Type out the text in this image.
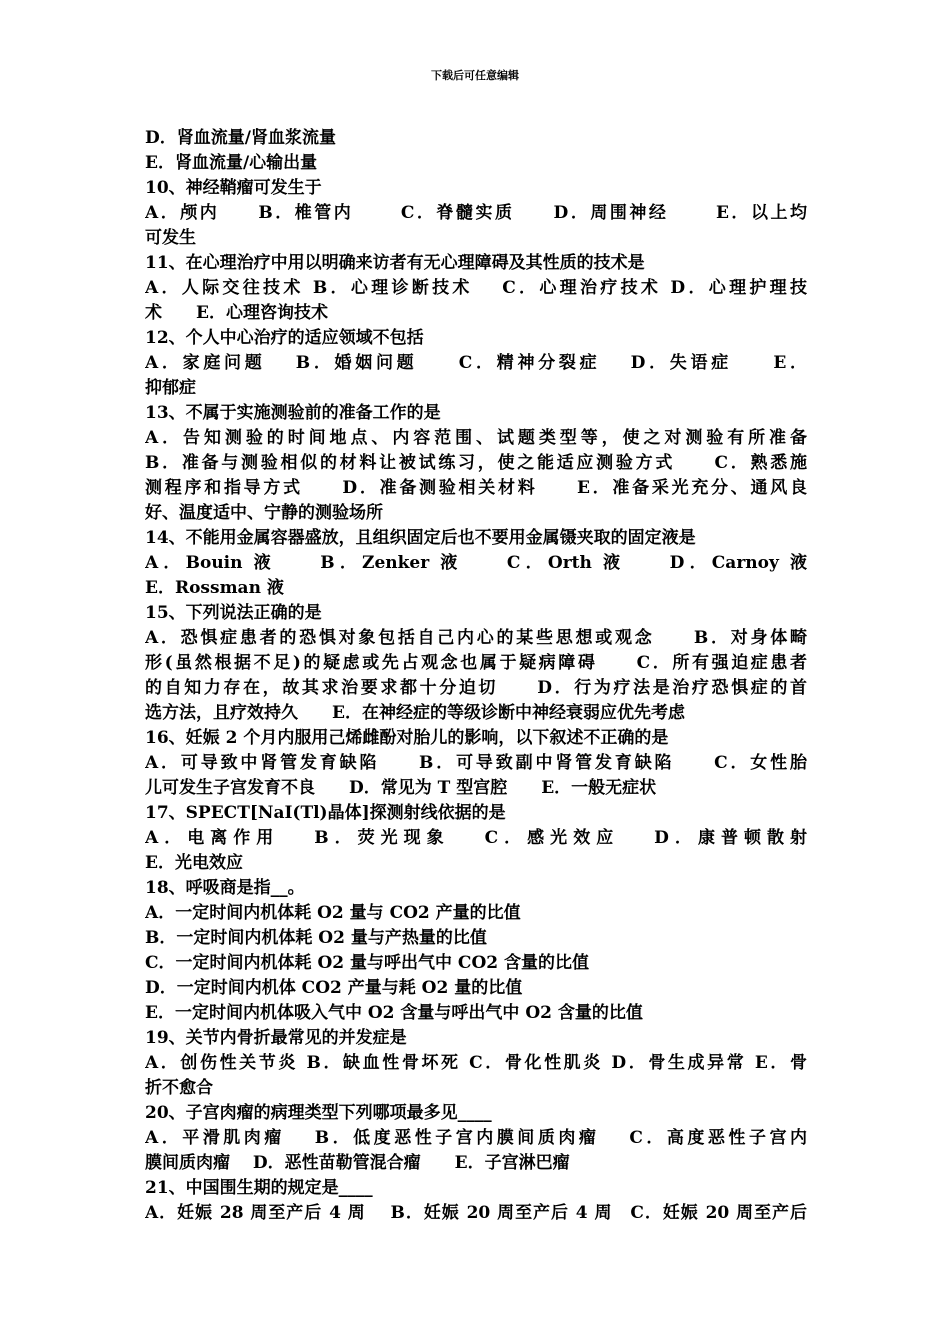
下载后可任意编辑
D．肾血流量/肾血浆流量
E．肾血流量/心输出量
10、神经鞘瘤可发生于
A．颅内　　B．椎管内　　 C．脊髓实质　　D．周围神经　　 E．以上均
可发生
11、在心理治疗中用以明确来访者有无心理障碍及其性质的技术是
A．人际交往技术 B．心理诊断技术　 C．心理治疗技术 D．心理护理技
术　　E．心理咨询技术
12、个人中心治疗的适应领域不包括
A．家庭问题　 B．婚姻问题　　C．精神分裂症　 D．失语症　　E．
抑郁症
13、不属于实施测验前的准备工作的是
A．告知测验的时间地点、内容范围、试题类型等，使之对测验有所准备
B．准备与测验相似的材料让被试练习，使之能适应测验方式　　C．熟悉施
测程序和指导方式　　D．准备测验相关材料　　E．准备采光充分、通风良
好、温度适中、宁静的测验场所
14、不能用金属容器盛放，且组织固定后也不要用金属镊夹取的固定液是
A．Bouin 液　　B．Zenker 液　　C．Orth 液　　D．Carnoy 液
E．Rossman 液
15、下列说法正确的是
A．恐惧症患者的恐惧对象包括自己内心的某些思想或观念　　B．对身体畸
形(虽然根据不足)的疑虑或先占观念也属于疑病障碍　　C．所有强迫症患者
的自知力存在，故其求治要求都十分迫切　　D．行为疗法是治疗恐惧症的首
选方法，且疗效持久　　E．在神经症的等级诊断中神经衰弱应优先考虑
16、妊娠 2 个月内服用己烯雌酚对胎儿的影响，以下叙述不正确的是
A．可导致中肾管发育缺陷　　B．可导致副中肾管发育缺陷　　C．女性胎
儿可发生子宫发育不良　　D．常见为 T 型宫腔　　E．一般无症状
17、SPECT[NaI(Tl)晶体]探测射线依据的是
A．电离作用　 B．荧光现象　 C．感光效应　 D．康普顿散射
E．光电效应
18、呼吸商是指__。
A．一定时间内机体耗 O2 量与 CO2 产量的比值
B．一定时间内机体耗 O2 量与产热量的比值
C．一定时间内机体耗 O2 量与呼出气中 CO2 含量的比值
D．一定时间内机体 CO2 产量与耗 O2 量的比值
E．一定时间内机体吸入气中 O2 含量与呼出气中 O2 含量的比值
19、关节内骨折最常见的并发症是
A．创伤性关节炎 B．缺血性骨坏死 C．骨化性肌炎 D．骨生成异常 E．骨
折不愈合
20、子宫肉瘤的病理类型下列哪项最多见____
A．平滑肌肉瘤　 B．低度恶性子宫内膜间质肉瘤　 C．高度恶性子宫内
膜间质肉瘤　 D．恶性苗勒管混合瘤　　E．子宫淋巴瘤
21、中国围生期的规定是____
A．妊娠 28 周至产后 4 周　 B．妊娠 20 周至产后 4 周　C．妊娠 20 周至产后
